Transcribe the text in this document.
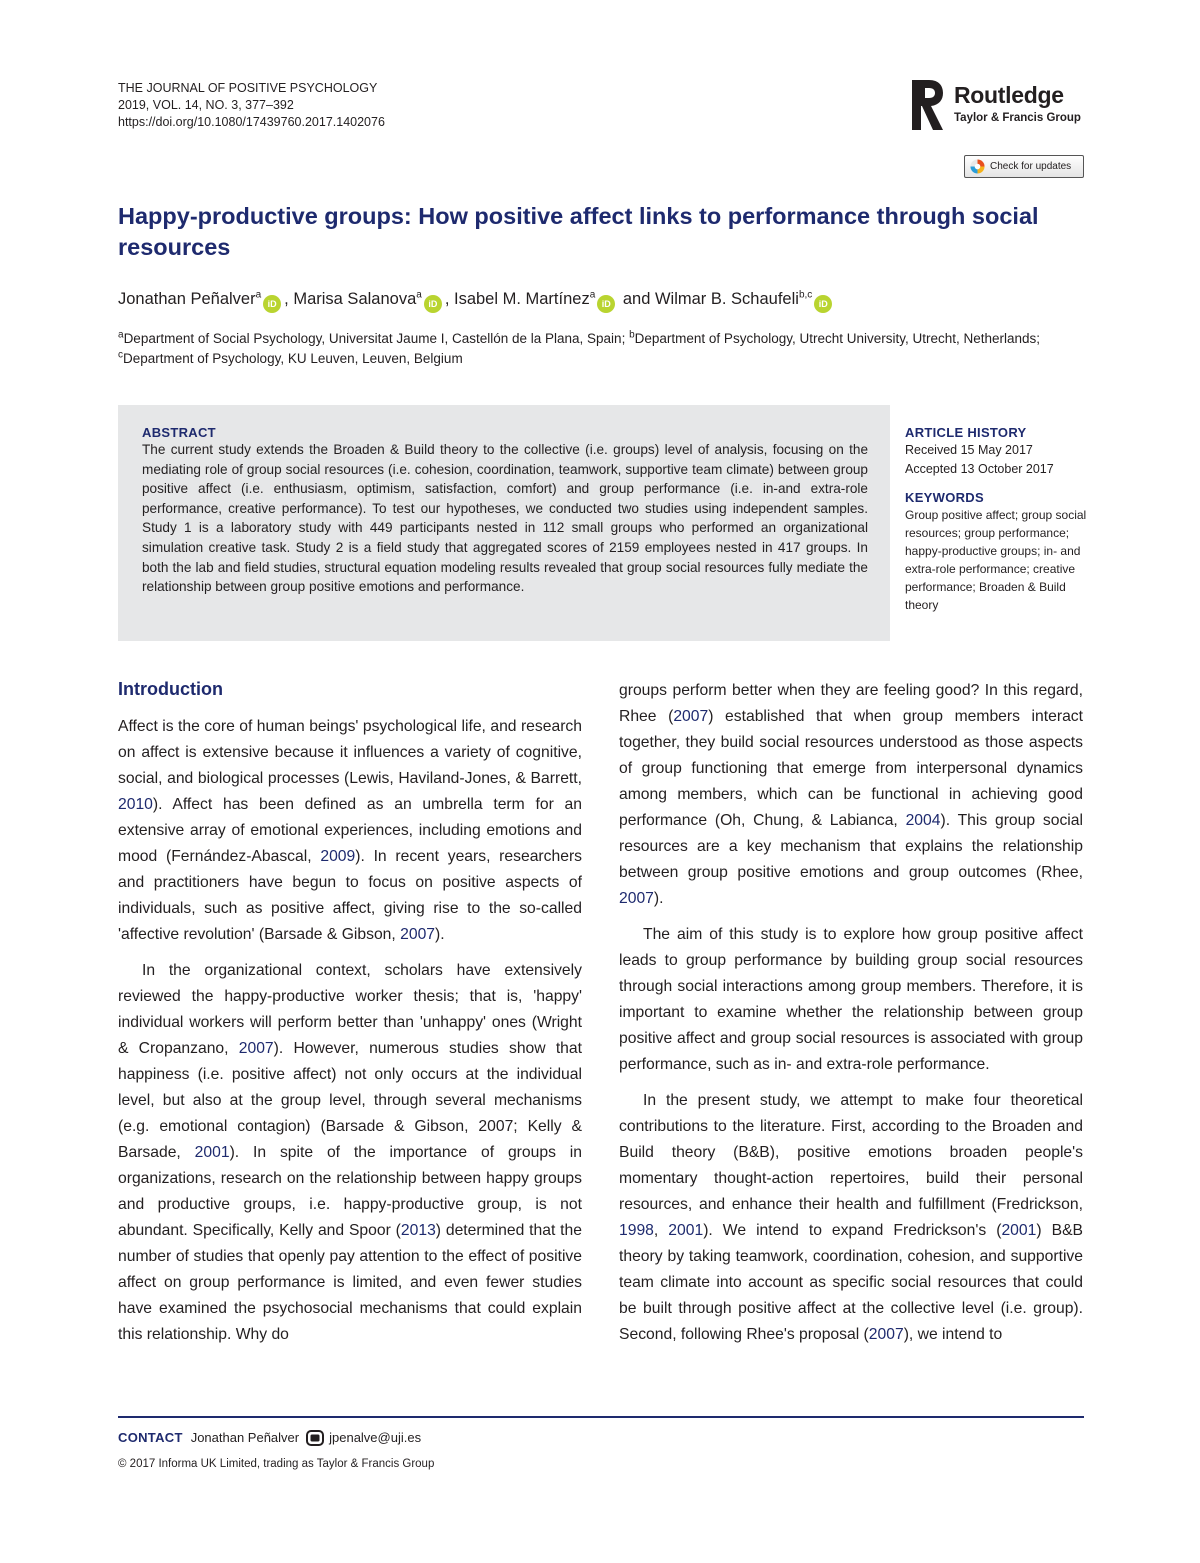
THE JOURNAL OF POSITIVE PSYCHOLOGY
2019, VOL. 14, NO. 3, 377–392
https://doi.org/10.1080/17439760.2017.1402076
Routledge
Taylor & Francis Group
Check for updates
Happy-productive groups: How positive affect links to performance through social resources
Jonathan Peñalver$^a$iD , Marisa Salanova$^a$iD , Isabel M. Martínez$^a$iD and Wilmar B. Schaufeli$^{b,c}$iD
$^a$Department of Social Psychology, Universitat Jaume I, Castellón de la Plana, Spain; $^b$Department of Psychology, Utrecht University, Utrecht, Netherlands; $^c$Department of Psychology, KU Leuven, Leuven, Belgium
ABSTRACT

The current study extends the Broaden & Build theory to the collective (i.e. groups) level of analysis, focusing on the mediating role of group social resources (i.e. cohesion, coordination, teamwork, supportive team climate) between group positive affect (i.e. enthusiasm, optimism, satisfaction, comfort) and group performance (i.e. in-and extra-role performance, creative performance). To test our hypotheses, we conducted two studies using independent samples. Study 1 is a laboratory study with 449 participants nested in 112 small groups who performed an organizational simulation creative task. Study 2 is a field study that aggregated scores of 2159 employees nested in 417 groups. In both the lab and field studies, structural equation modeling results revealed that group social resources fully mediate the relationship between group positive emotions and performance.

ARTICLE HISTORY
Received 15 May 2017
Accepted 13 October 2017
KEYWORDS
Group positive affect; group social resources; group performance; happy-productive groups; in- and extra-role performance; creative performance; Broaden & Build theory
Introduction

Affect is the core of human beings' psychological life, and research on affect is extensive because it influences a variety of cognitive, social, and biological processes (Lewis, Haviland-Jones, & Barrett, 2010). Affect has been defined as an umbrella term for an extensive array of emotional experiences, including emotions and mood (Fernández-Abascal, 2009). In recent years, researchers and practitioners have begun to focus on positive aspects of individuals, such as positive affect, giving rise to the so-called 'affective revolution' (Barsade & Gibson, 2007).

In the organizational context, scholars have extensively reviewed the happy-productive worker thesis; that is, 'happy' individual workers will perform better than 'unhappy' ones (Wright & Cropanzano, 2007). However, numerous studies show that happiness (i.e. positive affect) not only occurs at the individual level, but also at the group level, through several mechanisms (e.g. emotional contagion) (Barsade & Gibson, 2007; Kelly & Barsade, 2001). In spite of the importance of groups in organizations, research on the relationship between happy groups and productive groups, i.e. happy-productive group, is not abundant. Specifically, Kelly and Spoor (2013) determined that the number of studies that openly pay attention to the effect of positive affect on group performance is limited, and even fewer studies have examined the psychosocial mechanisms that could explain this relationship. Why do

groups perform better when they are feeling good? In this regard, Rhee (2007) established that when group members interact together, they build social resources understood as those aspects of group functioning that emerge from interpersonal dynamics among members, which can be functional in achieving good performance (Oh, Chung, & Labianca, 2004). This group social resources are a key mechanism that explains the relationship between group positive emotions and group outcomes (Rhee, 2007).

The aim of this study is to explore how group positive affect leads to group performance by building group social resources through social interactions among group members. Therefore, it is important to examine whether the relationship between group positive affect and group social resources is associated with group performance, such as in- and extra-role performance.

In the present study, we attempt to make four theoretical contributions to the literature. First, according to the Broaden and Build theory (B&B), positive emotions broaden people's momentary thought-action repertoires, build their personal resources, and enhance their health and fulfillment (Fredrickson, 1998, 2001). We intend to expand Fredrickson's (2001) B&B theory by taking teamwork, coordination, cohesion, and supportive team climate into account as specific social resources that could be built through positive affect at the collective level (i.e. group). Second, following Rhee's proposal (2007), we intend to

CONTACT Jonathan Peñalver jpenalve@uji.es
© 2017 Informa UK Limited, trading as Taylor & Francis Group
